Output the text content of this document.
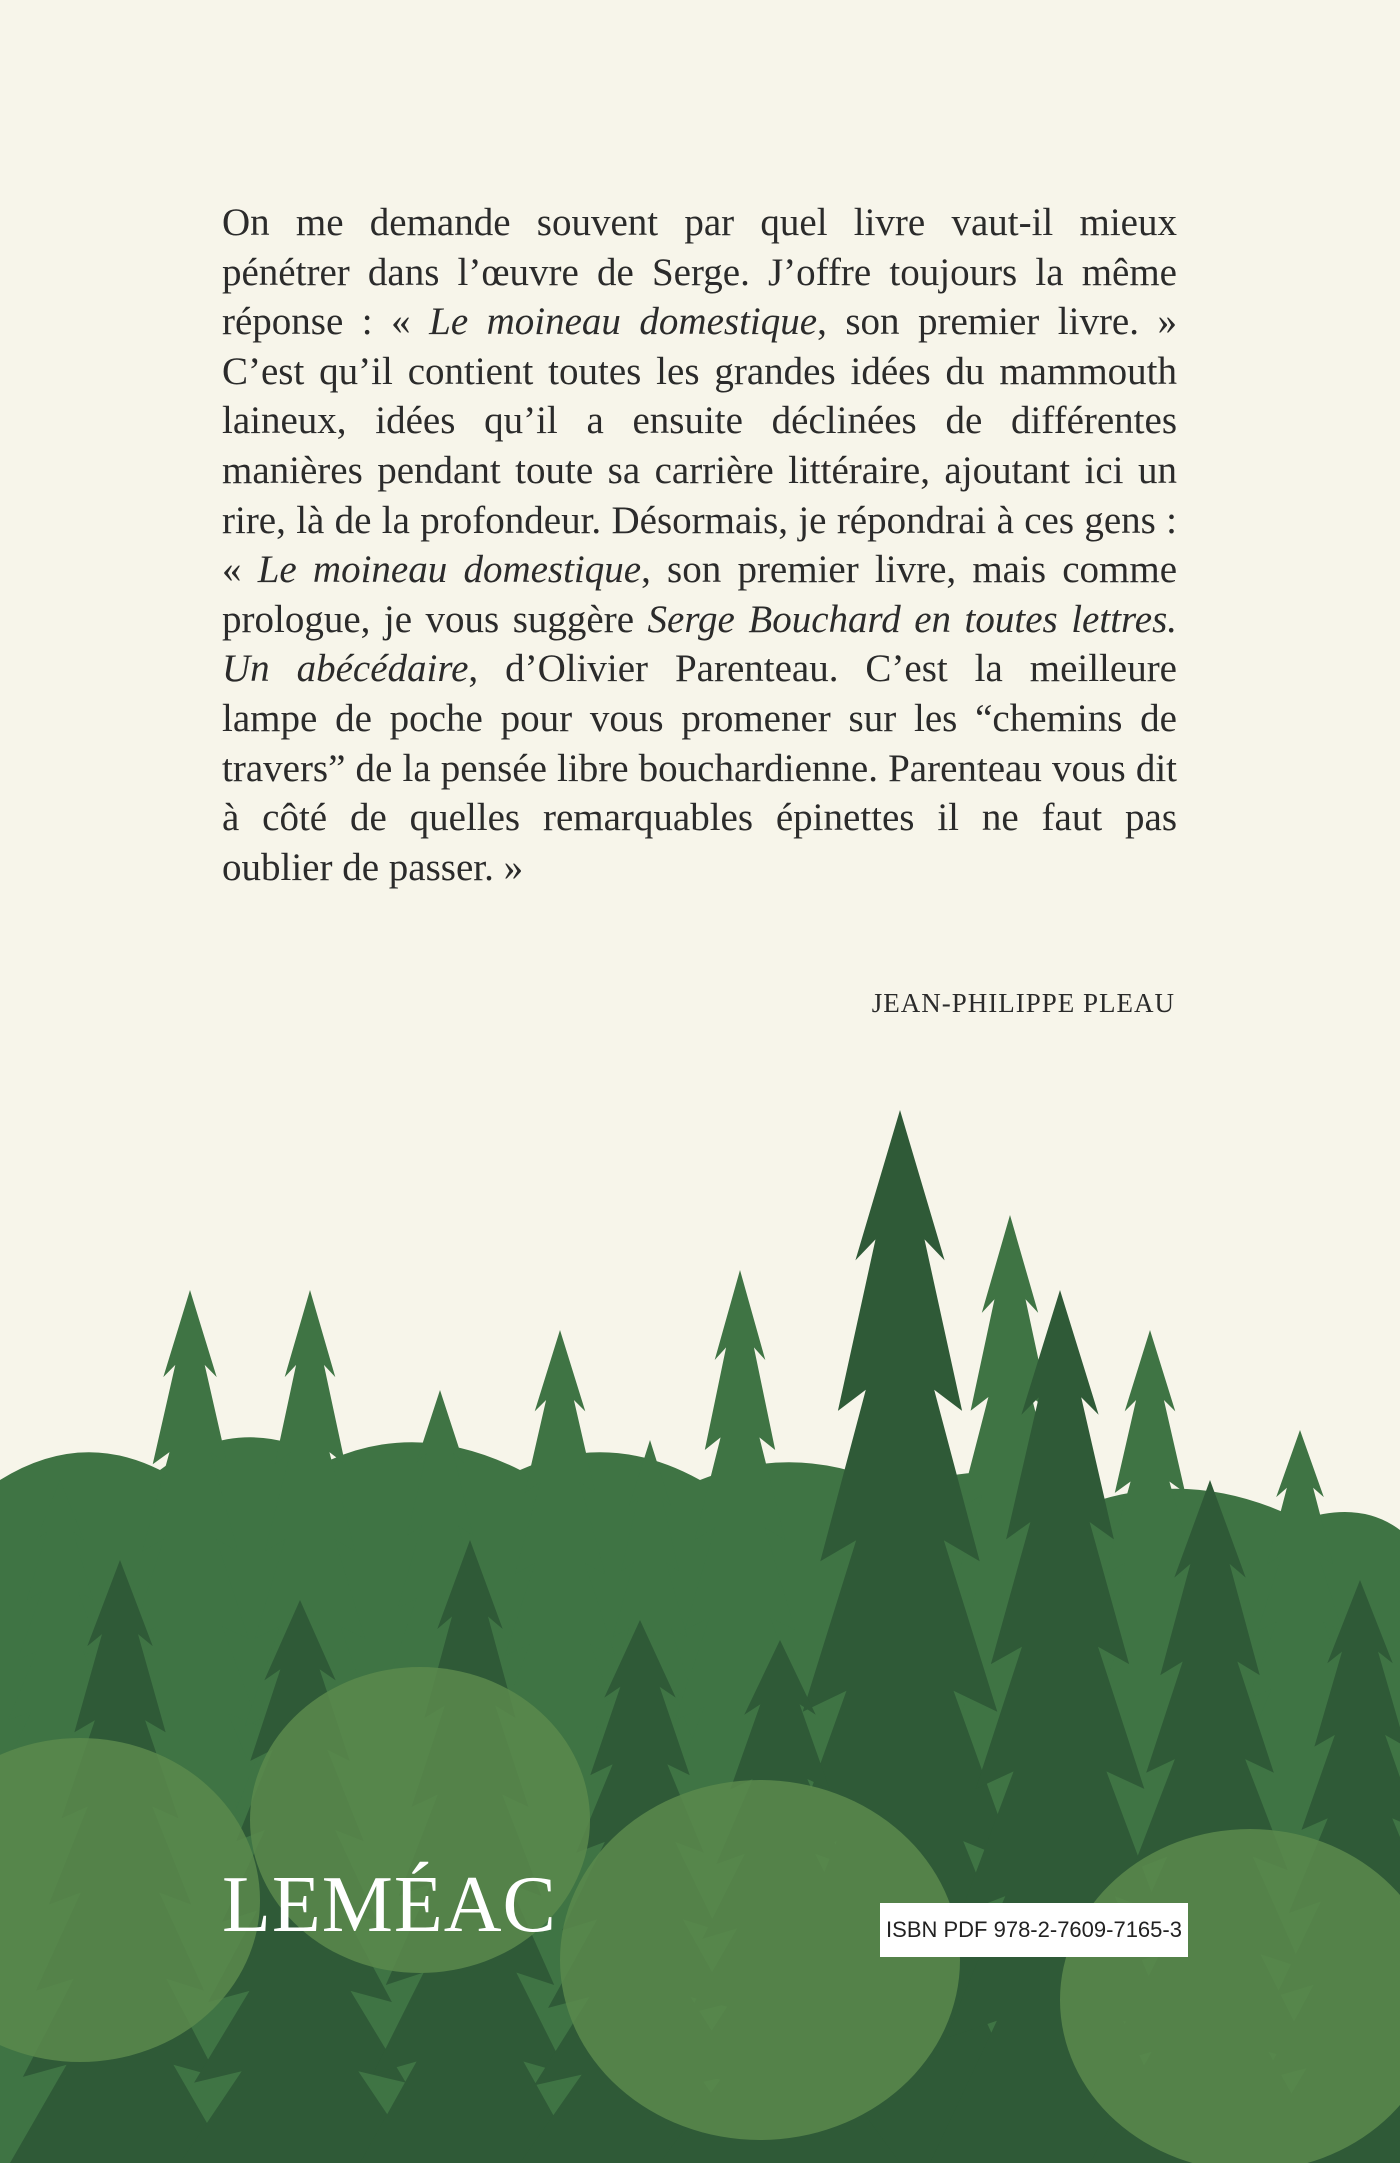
On me demande souvent par quel livre vaut-il mieux pénétrer dans l’œuvre de Serge. J’offre toujours la même réponse : « Le moineau domestique, son premier livre. » C’est qu’il contient toutes les grandes idées du mammouth laineux, idées qu’il a ensuite déclinées de différentes manières pendant toute sa carrière littéraire, ajoutant ici un rire, là de la profondeur. Désormais, je répondrai à ces gens : « Le moineau domestique, son premier livre, mais comme prologue, je vous suggère Serge Bouchard en toutes lettres. Un abécédaire, d’Olivier Parenteau. C’est la meilleure lampe de poche pour vous promener sur les “chemins de travers” de la pensée libre bouchardienne. Parenteau vous dit à côté de quelles remarquables épinettes il ne faut pas oublier de passer. »

JEAN-PHILIPPE PLEAU
LEMÉAC	ISBN PDF 978-2-7609-7165-3
